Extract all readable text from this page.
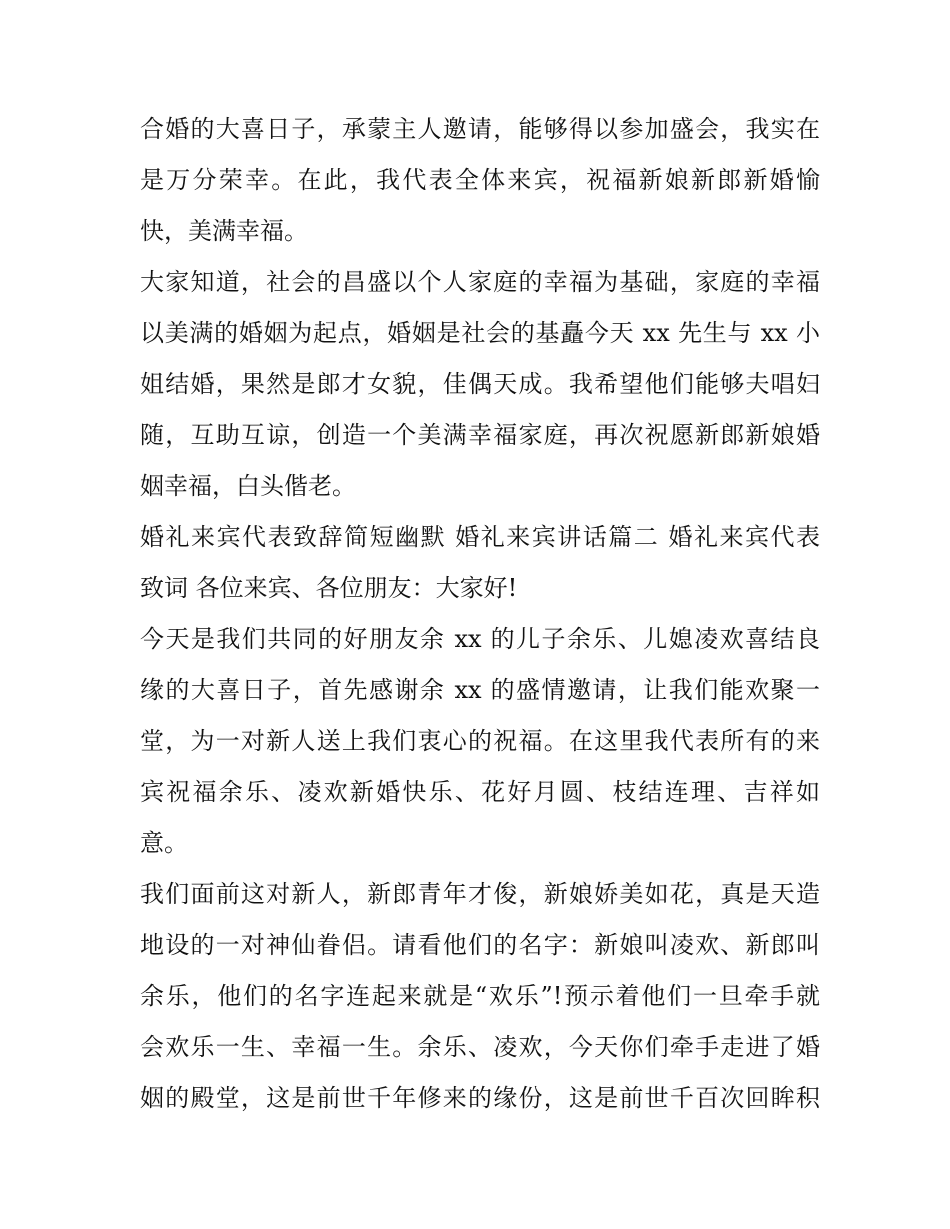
合婚的大喜日子，承蒙主人邀请，能够得以参加盛会，我实在
是万分荣幸。在此，我代表全体来宾，祝福新娘新郎新婚愉
快，美满幸福。
大家知道，社会的昌盛以个人家庭的幸福为基础，家庭的幸福
以美满的婚姻为起点，婚姻是社会的基矗今天 xx 先生与 xx 小
姐结婚，果然是郎才女貌，佳偶天成。我希望他们能够夫唱妇
随，互助互谅，创造一个美满幸福家庭，再次祝愿新郎新娘婚
姻幸福，白头偕老。
婚礼来宾代表致辞简短幽默 婚礼来宾讲话篇二 婚礼来宾代表
致词 各位来宾、各位朋友：大家好!
今天是我们共同的好朋友余 xx 的儿子余乐、儿媳凌欢喜结良
缘的大喜日子，首先感谢余 xx 的盛情邀请，让我们能欢聚一
堂，为一对新人送上我们衷心的祝福。在这里我代表所有的来
宾祝福余乐、凌欢新婚快乐、花好月圆、枝结连理、吉祥如
意。
我们面前这对新人，新郎青年才俊，新娘娇美如花，真是天造
地设的一对神仙眷侣。请看他们的名字：新娘叫凌欢、新郎叫
余乐，他们的名字连起来就是“欢乐”!预示着他们一旦牵手就
会欢乐一生、幸福一生。余乐、凌欢，今天你们牵手走进了婚
姻的殿堂，这是前世千年修来的缘份，这是前世千百次回眸积
